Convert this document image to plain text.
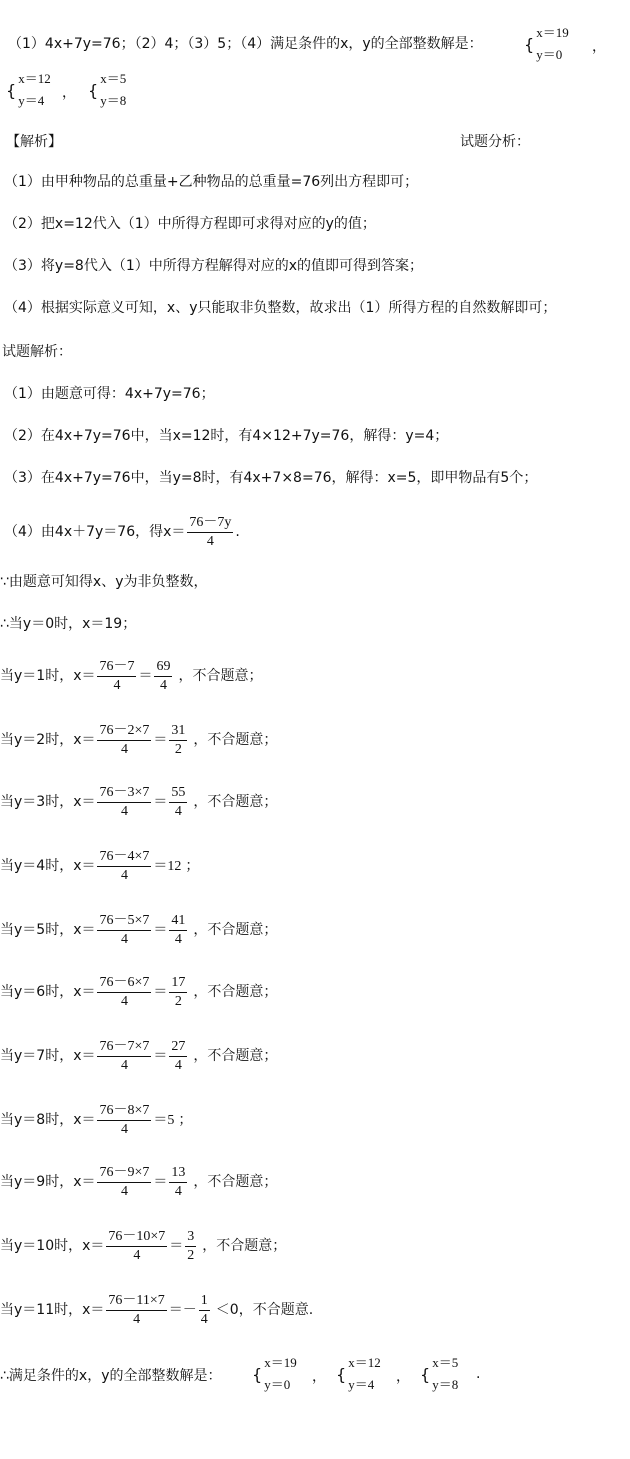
（1）4x+7y=76；（2）4；（3）5；（4）满足条件的x，y的全部整数解是：	{
x＝19
y＝0	，
{
x＝12
y＝4	， {
x＝5
y＝8
【解析】	试题分析：
（1）由甲种物品的总重量+乙种物品的总重量=76列出方程即可；
（2）把x=12代入（1）中所得方程即可求得对应的y的值；
（3）将y=8代入（1）中所得方程解得对应的x的值即可得到答案；
（4）根据实际意义可知，x、y只能取非负整数，故求出（1）所得方程的自然数解即可；
试题解析：
（1）由题意可得：4x+7y=76；
（2）在4x+7y=76中，当x=12时，有4×12+7y=76，解得：y=4；
（3）在4x+7y=76中，当y=8时，有4x+7×8=76，解得：x=5，即甲物品有5个；
（4）由4x＋7y＝76，得$x= \frac{76-7y}{4}$ .
∵由题意可知得x、y为非负整数，
∴当y＝0时，x＝19；
当y＝1时，$x= \frac{76-7}{4} = \frac{69}{4}$ ，不合题意；
当y＝2时，$x= \frac{76-2\times 7}{4} = \frac{31}{2}$ ，不合题意；
当y＝3时，$x= \frac{76-3\times 7}{4} = \frac{55}{4}$ ，不合题意；
当y＝4时，$x= \frac{76-4\times 7}{4} =12$ ；
当y＝5时，$x= \frac{76-5\times 7}{4} = \frac{41}{4}$ ，不合题意；
当y＝6时，$x= \frac{76-6\times 7}{4} = \frac{17}{2}$ ，不合题意；
当y＝7时，$x= \frac{76-7\times 7}{4} = \frac{27}{4}$ ，不合题意；
当y＝8时，$x= \frac{76-8\times 7}{4} =5$ ；
当y＝9时，$x= \frac{76-9\times 7}{4} = \frac{13}{4}$ ，不合题意；
当y＝10时，$x= \frac{76-10\times 7}{4} = \frac{3}{2}$ ，不合题意；
当y＝11时，$x= \frac{76-11\times 7}{4} =- \frac{1}{4} <0$，不合题意.
∴满足条件的x，y的全部整数解是： {
x＝19
y＝0	， {
x＝12
y＝4	， {
x＝5
y＝8
.
